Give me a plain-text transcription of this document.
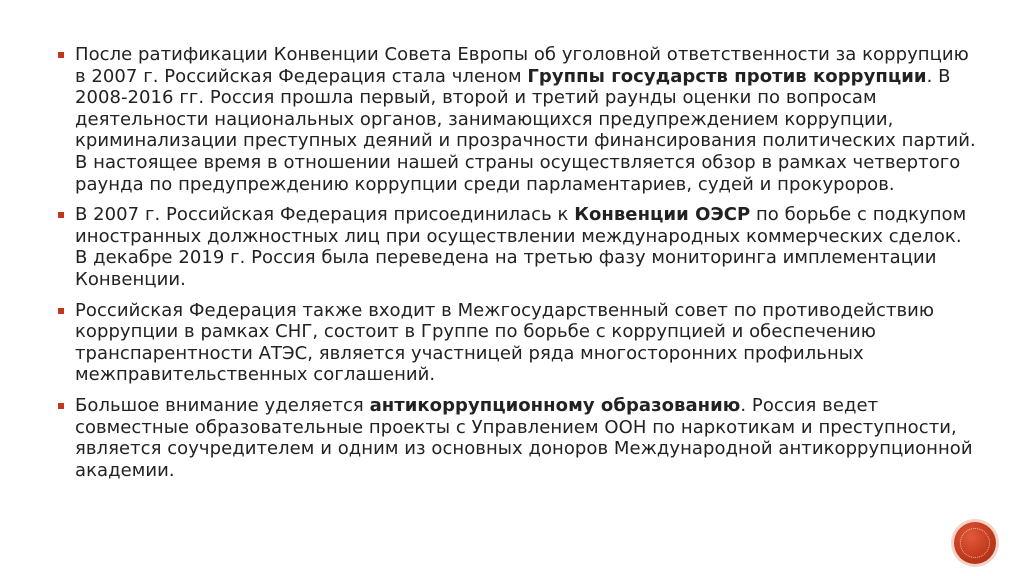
После ратификации Конвенции Совета Европы об уголовной ответственности за коррупцию в 2007 г. Российская Федерация стала членом Группы государств против коррупции. В 2008-2016 гг. Россия прошла первый, второй и третий раунды оценки по вопросам деятельности национальных органов, занимающихся предупреждением коррупции, криминализации преступных деяний и прозрачности финансирования политических партий. В настоящее время в отношении нашей страны осуществляется обзор в рамках четвертого раунда по предупреждению коррупции среди парламентариев, судей и прокуроров.
В 2007 г. Российская Федерация присоединилась к Конвенции ОЭСР по борьбе с подкупом иностранных должностных лиц при осуществлении международных коммерческих сделок. В декабре 2019 г. Россия была переведена на третью фазу мониторинга имплементации Конвенции.
Российская Федерация также входит в Межгосударственный совет по противодействию коррупции в рамках СНГ, состоит в Группе по борьбе с коррупцией и обеспечению транспарентности АТЭС, является участницей ряда многосторонних профильных межправительственных соглашений.
Большое внимание уделяется антикоррупционному образованию. Россия ведет совместные образовательные проекты с Управлением ООН по наркотикам и преступности, является соучредителем и одним из основных доноров Международной антикоррупционной академии.
